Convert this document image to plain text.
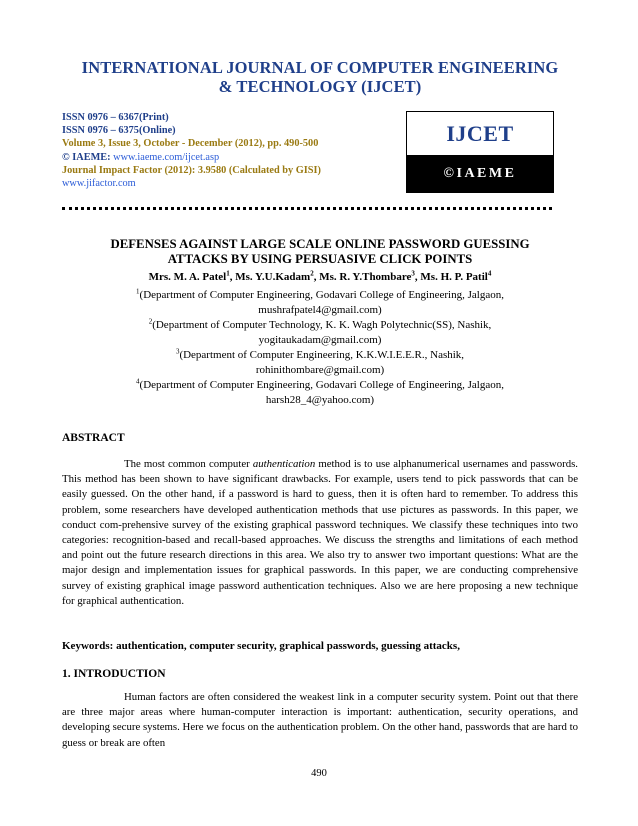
INTERNATIONAL JOURNAL OF COMPUTER ENGINEERING
& TECHNOLOGY (IJCET)
ISSN 0976 – 6367(Print)
ISSN 0976 – 6375(Online)
Volume 3, Issue 3, October - December (2012), pp. 490-500
© IAEME: www.iaeme.com/ijcet.asp
Journal Impact Factor (2012): 3.9580 (Calculated by GISI)
www.jifactor.com
IJCET
©IAEME
DEFENSES AGAINST LARGE SCALE ONLINE PASSWORD GUESSING
ATTACKS BY USING PERSUASIVE CLICK POINTS
Mrs. M. A. Patel$^1$, Ms. Y.U.Kadam$^2$, Ms. R. Y.Thombare$^3$, Ms. H. P. Patil$^4$
$^1$(Department of Computer Engineering, Godavari College of Engineering, Jalgaon,
mushrafpatel4@gmail.com)
$^2$(Department of Computer Technology, K. K. Wagh Polytechnic(SS), Nashik,
yogitaukadam@gmail.com)
$^3$(Department of Computer Engineering, K.K.W.I.E.E.R., Nashik,
rohinithombare@gmail.com)
$^4$(Department of Computer Engineering, Godavari College of Engineering, Jalgaon,
harsh28_4@yahoo.com)
ABSTRACT
The most common computer authentication method is to use alphanumerical usernames and passwords. This method has been shown to have significant drawbacks. For example, users tend to pick passwords that can be easily guessed. On the other hand, if a password is hard to guess, then it is often hard to remember. To address this problem, some researchers have developed authentication methods that use pictures as passwords. In this paper, we conduct com-prehensive survey of the existing graphical password techniques. We classify these techniques into two categories: recognition-based and recall-based approaches. We discuss the strengths and limitations of each method and point out the future research directions in this area. We also try to answer two important questions: What are the major design and implementation issues for graphical passwords. In this paper, we are conducting comprehensive survey of existing graphical image password authentication techniques. Also we are here proposing a new technique for graphical authentication.
Keywords: authentication, computer security, graphical passwords, guessing attacks,
1. INTRODUCTION
Human factors are often considered the weakest link in a computer security system. Point out that there are three major areas where human-computer interaction is important: authentication, security operations, and developing secure systems. Here we focus on the authentication problem. On the other hand, passwords that are hard to guess or break are often
490
